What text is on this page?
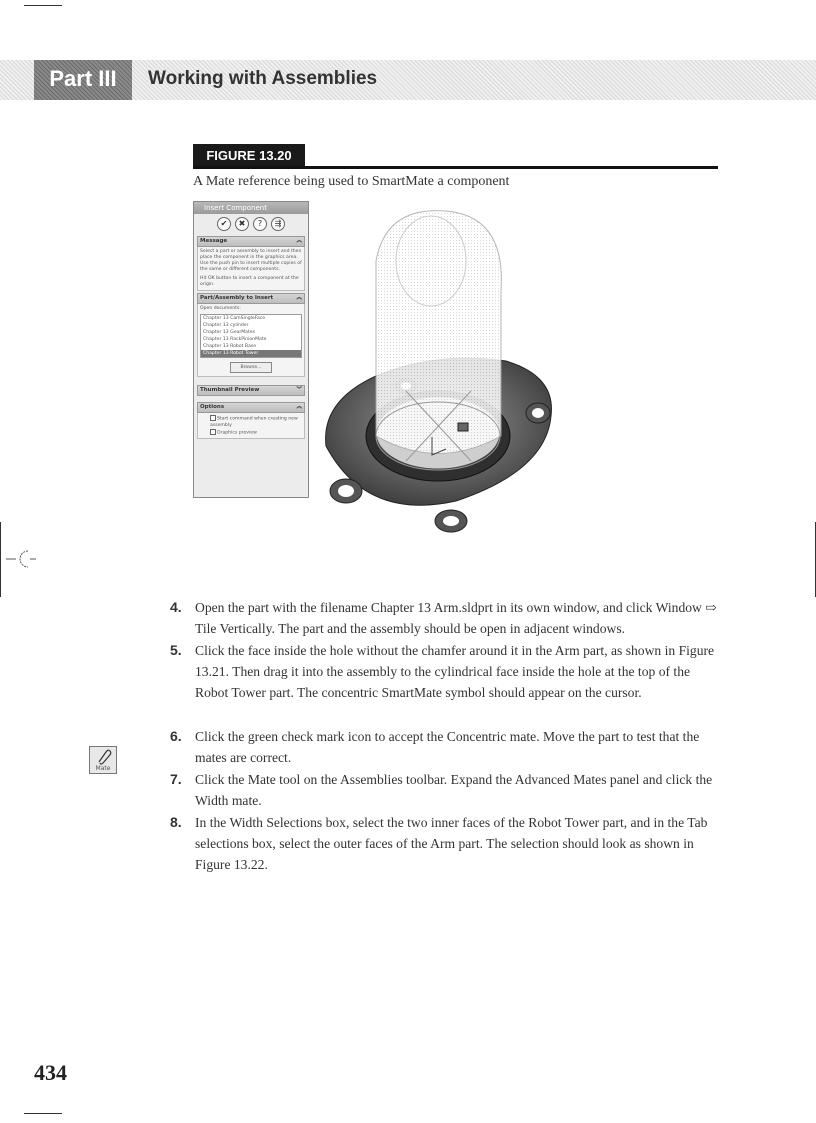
Part III	Working with Assemblies
FIGURE 13.20
A Mate reference being used to SmartMate a component
Insert Component
✔	✖	?	⇶
Message	︽
Select a part or assembly to insert and then place the component in the graphics area. Use the push pin to insert multiple copies of the same or different components.
Hit OK button to insert a component at the origin.
Part/Assembly to Insert	︽
Open documents:
Chapter 13 CamSingleFace
Chapter 13 cylinder
Chapter 13 GearMates
Chapter 13 RackPinionMate
Chapter 13 Robot Base
Chapter 13 Robot Tower
Browse...
Thumbnail Preview	︾
Options	︽
Start command when creating new assembly
Graphics preview
4. Open the part with the filename Chapter 13 Arm.sldprt in its own window, and click Window ⇨ Tile Vertically. The part and the assembly should be open in adjacent windows.
5. Click the face inside the hole without the chamfer around it in the Arm part, as shown in Figure 13.21. Then drag it into the assembly to the cylindrical face inside the hole at the top of the Robot Tower part. The concentric SmartMate symbol should appear on the cursor.
6. Click the green check mark icon to accept the Concentric mate. Move the part to test that the mates are correct.
7. Click the Mate tool on the Assemblies toolbar. Expand the Advanced Mates panel and click the Width mate.
8. In the Width Selections box, select the two inner faces of the Robot Tower part, and in the Tab selections box, select the outer faces of the Arm part. The selection should look as shown in Figure 13.22.
Mate
434
